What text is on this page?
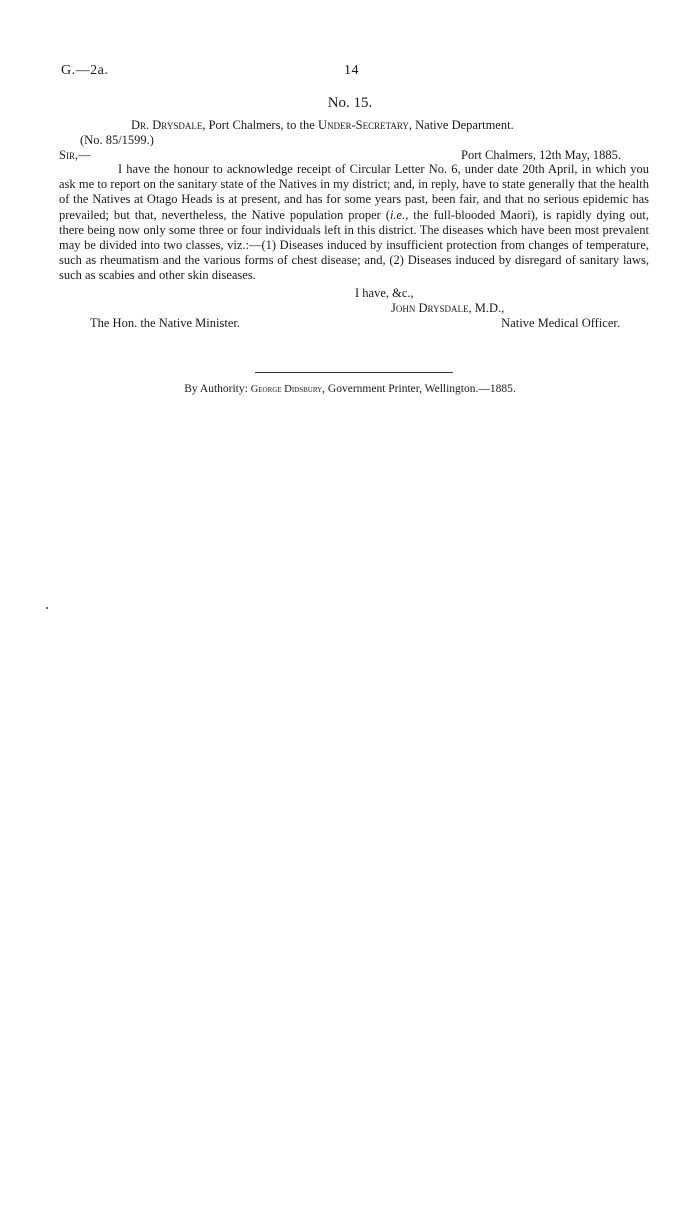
G.—2a.	14
No. 15.
Dr. Drysdale, Port Chalmers, to the Under-Secretary, Native Department.
(No. 85/1599.)
Sir,—	Port Chalmers, 12th May, 1885.
I have the honour to acknowledge receipt of Circular Letter No. 6, under date 20th April, in which you ask me to report on the sanitary state of the Natives in my district; and, in reply, have to state generally that the health of the Natives at Otago Heads is at present, and has for some years past, been fair, and that no serious epidemic has prevailed; but that, nevertheless, the Native population proper (i.e., the full-blooded Maori), is rapidly dying out, there being now only some three or four individuals left in this district. The diseases which have been most prevalent may be divided into two classes, viz.:—(1) Diseases induced by insufficient protection from changes of temperature, such as rheumatism and the various forms of chest disease; and, (2) Diseases induced by disregard of sanitary laws, such as scabies and other skin diseases.
I have, &c.,
John Drysdale, M.D.,
The Hon. the Native Minister.	Native Medical Officer.
By Authority: George Didsbury, Government Printer, Wellington.—1885.
